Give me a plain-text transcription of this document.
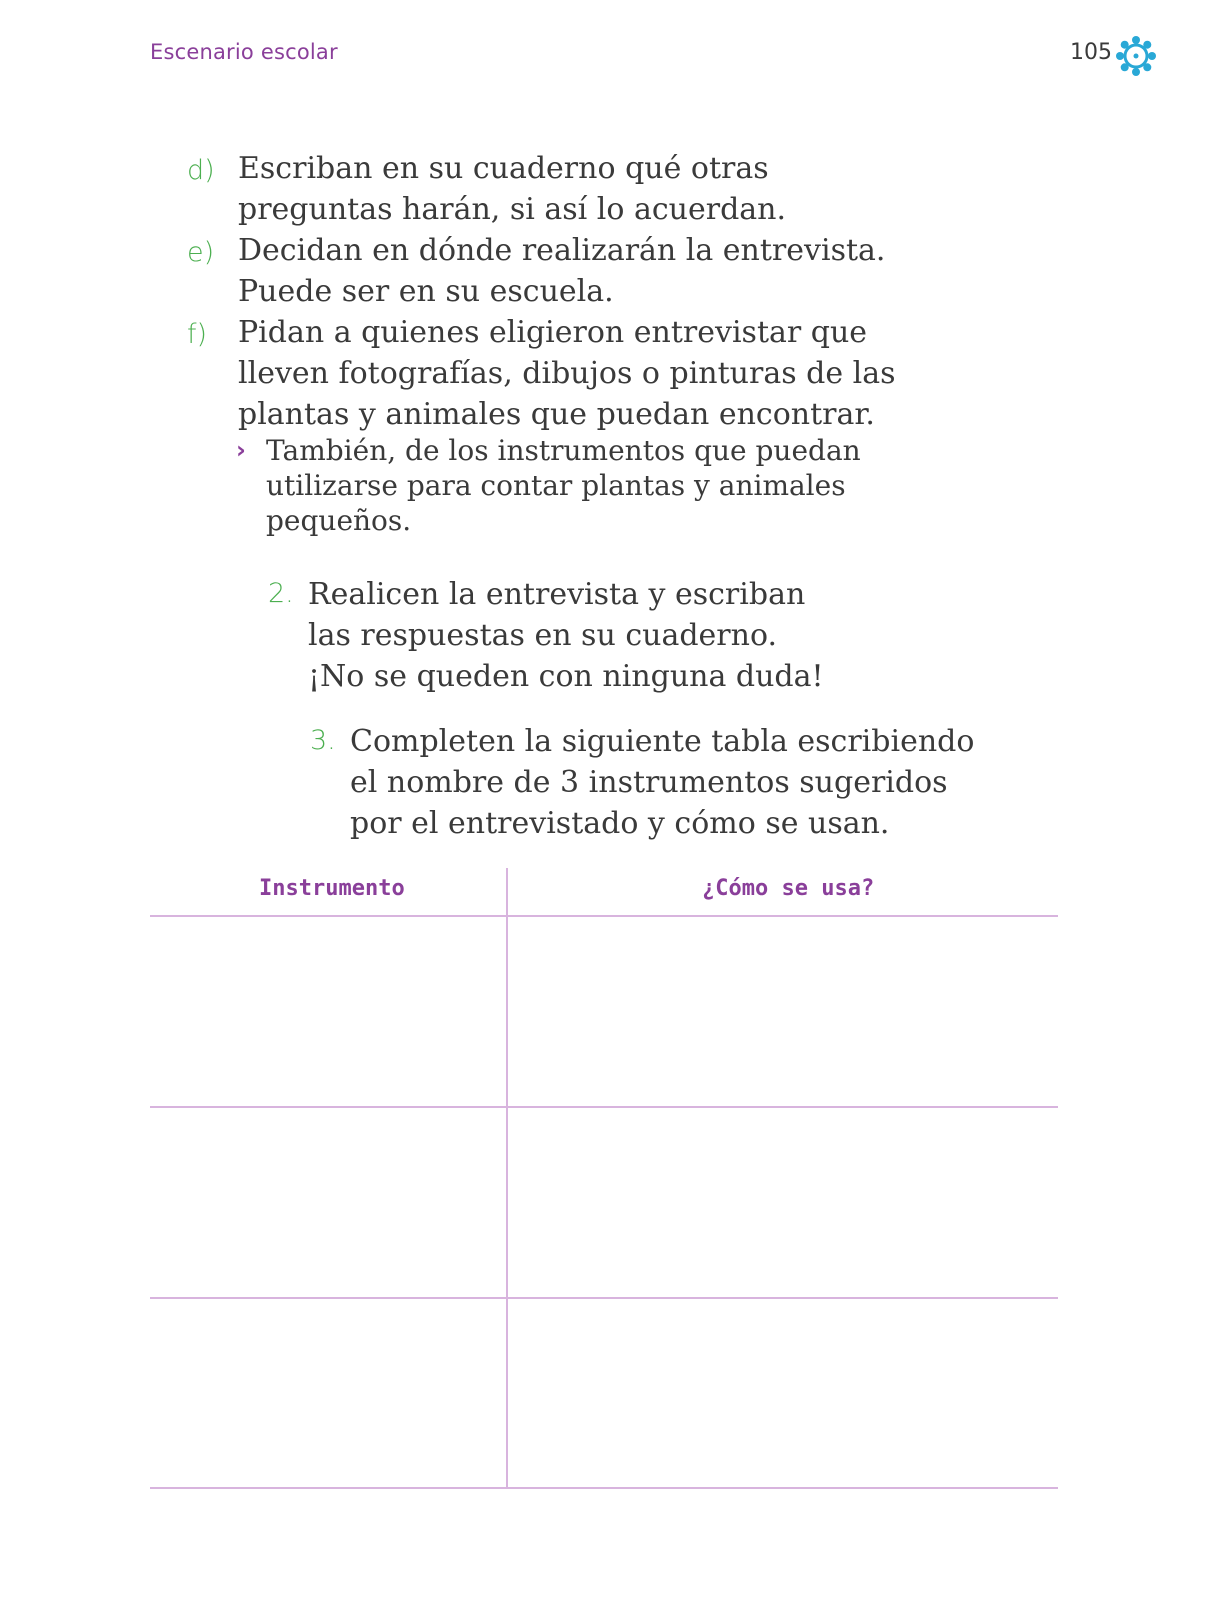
Escenario escolar	105
d) Escriban en su cuaderno qué otras
preguntas harán, si así lo acuerdan.
e) Decidan en dónde realizarán la entrevista.
Puede ser en su escuela.
f) Pidan a quienes eligieron entrevistar que
lleven fotografías, dibujos o pinturas de las
plantas y animales que puedan encontrar.
› También, de los instrumentos que puedan
utilizarse para contar plantas y animales
pequeños.
2. Realicen la entrevista y escriban
las respuestas en su cuaderno.
¡No se queden con ninguna duda!
3. Completen la siguiente tabla escribiendo
el nombre de 3 instrumentos sugeridos
por el entrevistado y cómo se usan.
Instrumento	¿Cómo se usa?
